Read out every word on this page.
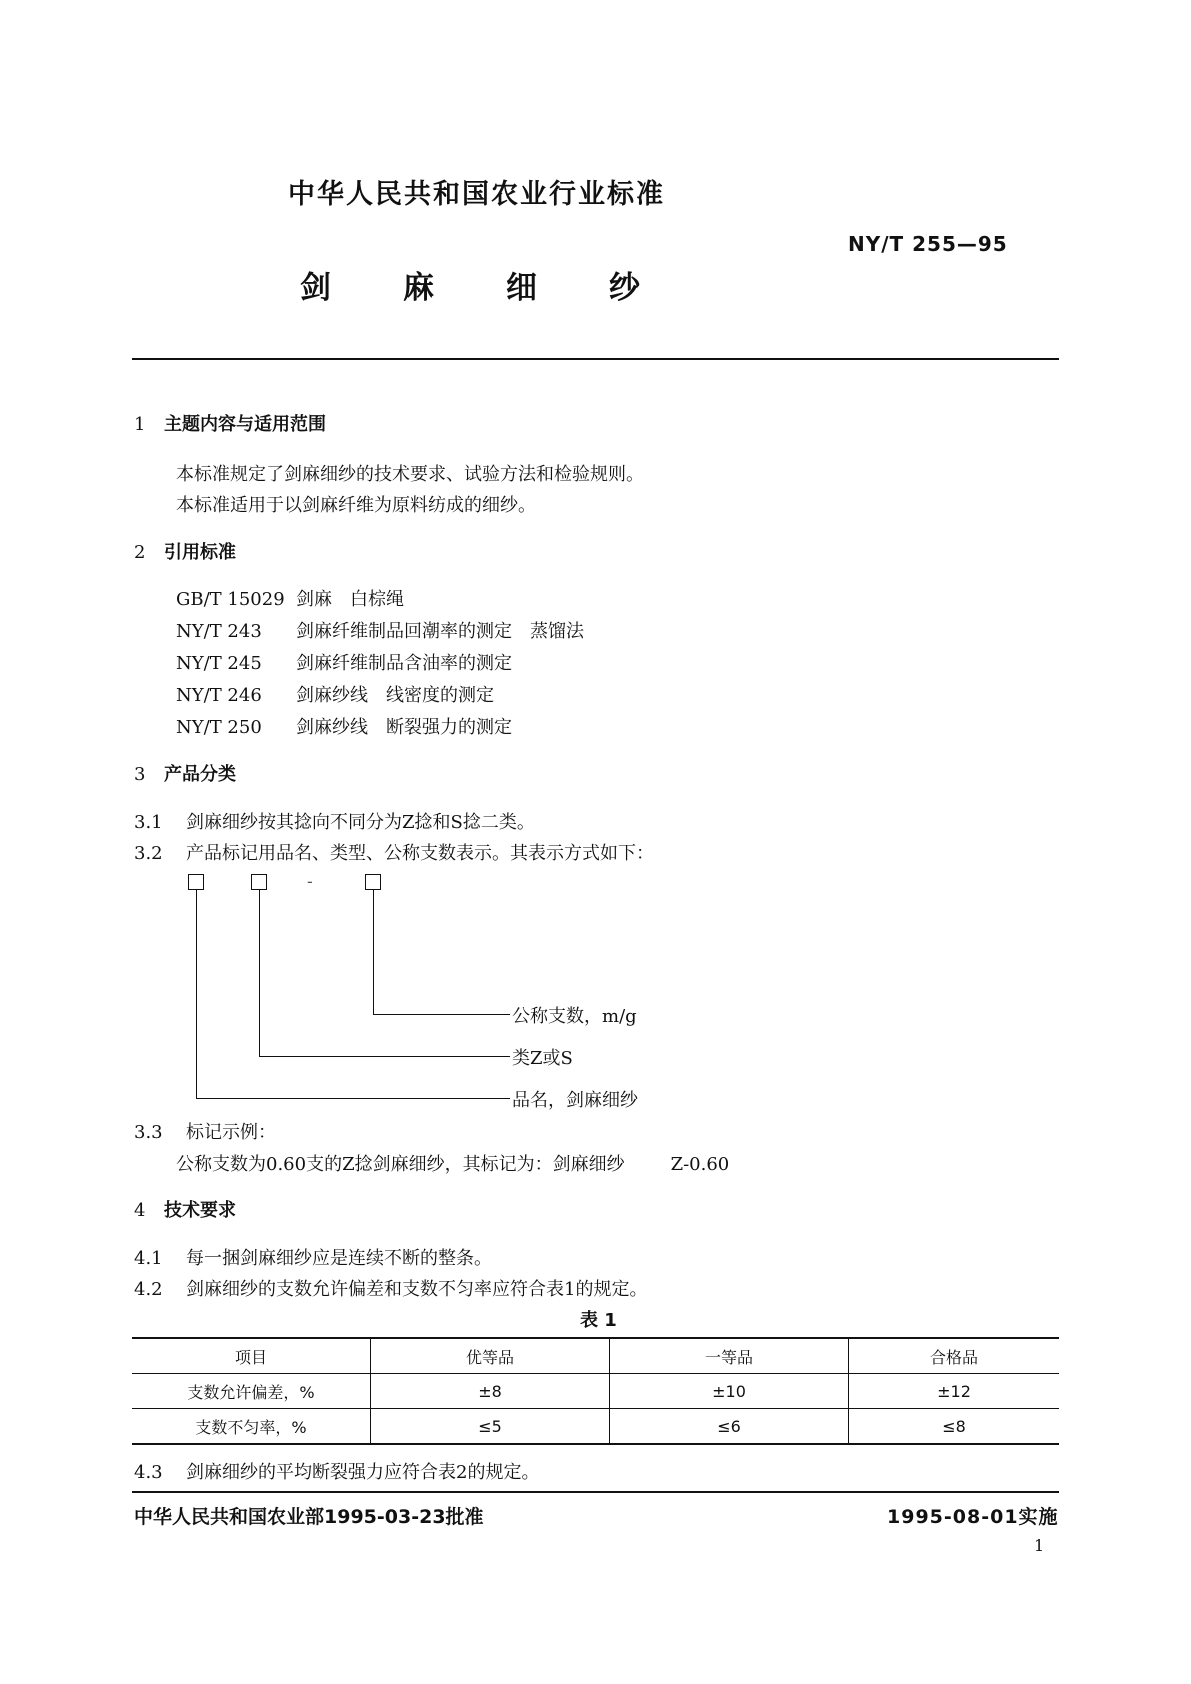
中华人民共和国农业行业标准
NY/T 255—95
剑麻细纱
1 主题内容与适用范围
本标准规定了剑麻细纱的技术要求、试验方法和检验规则。
本标准适用于以剑麻纤维为原料纺成的细纱。
2 引用标准
GB/T 15029 剑麻　白棕绳
NY/T 243 剑麻纤维制品回潮率的测定　蒸馏法
NY/T 245 剑麻纤维制品含油率的测定
NY/T 246 剑麻纱线　线密度的测定
NY/T 250 剑麻纱线　断裂强力的测定
3 产品分类
3.1 剑麻细纱按其捻向不同分为Z捻和S捻二类。
3.2 产品标记用品名、类型、公称支数表示。其表示方式如下：
-
公称支数，m/g
类Z或S
品名，剑麻细纱
3.3 标记示例：
公称支数为0.60支的Z捻剑麻细纱，其标记为：剑麻细纱	Z-0.60
4 技术要求
4.1 每一捆剑麻细纱应是连续不断的整条。
4.2 剑麻细纱的支数允许偏差和支数不匀率应符合表1的规定。
表 1
项目	优等品	一等品	合格品
支数允许偏差，%	±8	±10	±12
支数不匀率，%	≤5	≤6	≤8
4.3 剑麻细纱的平均断裂强力应符合表2的规定。
中华人民共和国农业部1995-03-23批准	1995-08-01实施
1
